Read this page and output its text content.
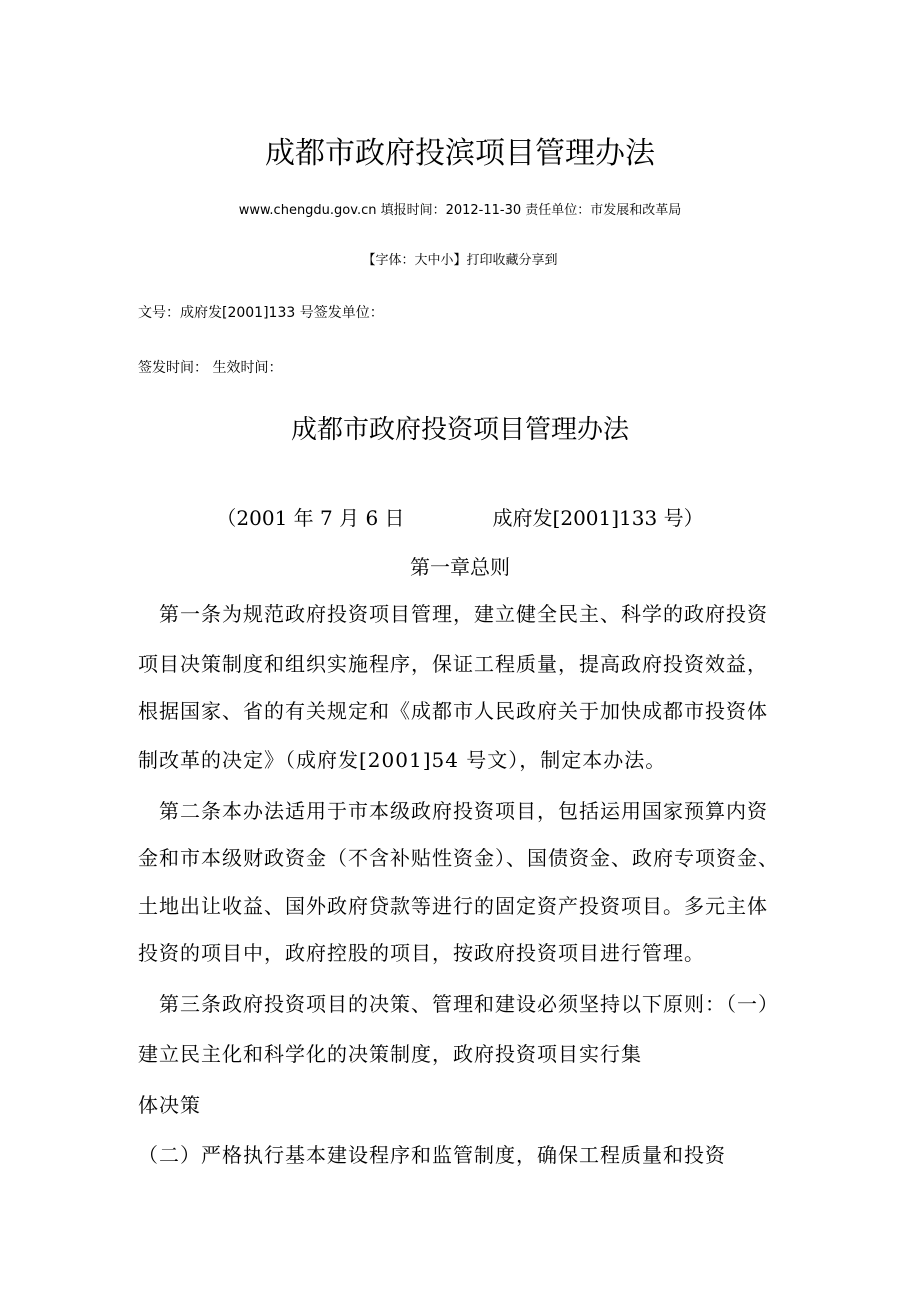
成都市政府投滨项目管理办法
www.chengdu.gov.cn 填报时间：2012-11-30 责任单位：市发展和改革局
【字体：大中小】打印收藏分享到
文号：成府发[2001]133 号签发单位：
签发时间： 生效时间：
成都市政府投资项目管理办法
（2001 年 7 月 6 日	成府发[2001]133 号）
第一章总则
　第一条为规范政府投资项目管理，建立健全民主、科学的政府投资
项目决策制度和组织实施程序，保证工程质量，提高政府投资效益，
根据国家、省的有关规定和《成都市人民政府关于加快成都市投资体
制改革的决定》（成府发[2001]54 号文），制定本办法。
　第二条本办法适用于市本级政府投资项目，包括运用国家预算内资
金和市本级财政资金（不含补贴性资金）、国债资金、政府专项资金、
土地出让收益、国外政府贷款等进行的固定资产投资项目。多元主体
投资的项目中，政府控股的项目，按政府投资项目进行管理。
　第三条政府投资项目的决策、管理和建设必须坚持以下原则：（一）
建立民主化和科学化的决策制度，政府投资项目实行集
体决策
（二）严格执行基本建设程序和监管制度，确保工程质量和投资
